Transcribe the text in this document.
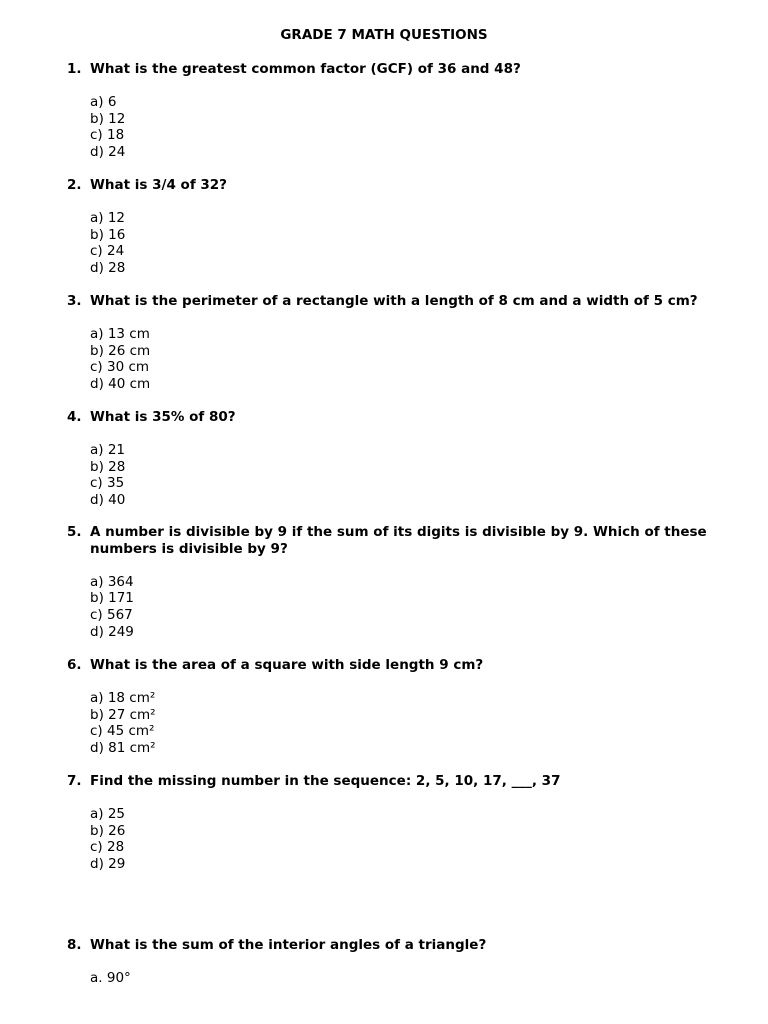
GRADE 7 MATH QUESTIONS
1. What is the greatest common factor (GCF) of 36 and 48?
a) 6
b) 12
c) 18
d) 24
2. What is 3/4 of 32?
a) 12
b) 16
c) 24
d) 28
3. What is the perimeter of a rectangle with a length of 8 cm and a width of 5 cm?
a) 13 cm
b) 26 cm
c) 30 cm
d) 40 cm
4. What is 35% of 80?
a) 21
b) 28
c) 35
d) 40
5. A number is divisible by 9 if the sum of its digits is divisible by 9. Which of these numbers is divisible by 9?
a) 364
b) 171
c) 567
d) 249
6. What is the area of a square with side length 9 cm?
a) 18 cm²
b) 27 cm²
c) 45 cm²
d) 81 cm²
7. Find the missing number in the sequence: 2, 5, 10, 17, ___, 37
a) 25
b) 26
c) 28
d) 29
8. What is the sum of the interior angles of a triangle?
a. 90°
